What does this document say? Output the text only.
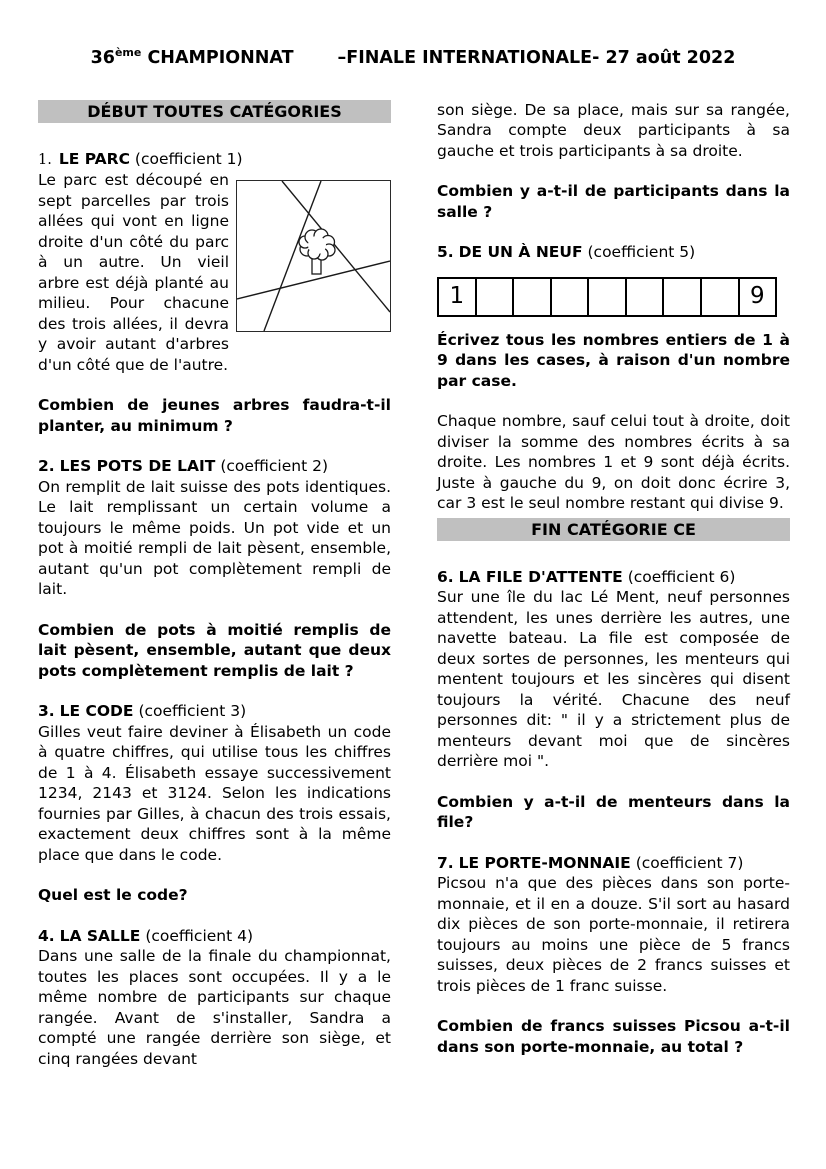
36ème CHAMPIONNAT	–FINALE INTERNATIONALE- 27 août 2022
DÉBUT TOUTES CATÉGORIES

1. LE PARC (coefficient 1)

Le parc est découpé en sept parcelles par trois allées qui vont en ligne droite d'un côté du parc à un autre. Un vieil arbre est déjà planté au milieu. Pour chacune des trois allées, il devra y avoir autant d'arbres d'un côté que de l'autre.

Combien de jeunes arbres faudra-t-il planter, au minimum ?

2. LES POTS DE LAIT (coefficient 2)

On remplit de lait suisse des pots identiques. Le lait remplissant un certain volume a toujours le même poids. Un pot vide et un pot à moitié rempli de lait pèsent, ensemble, autant qu'un pot complètement rempli de lait.

Combien de pots à moitié remplis de lait pèsent, ensemble, autant que deux pots complètement remplis de lait ?

3. LE CODE (coefficient 3)

Gilles veut faire deviner à Élisabeth un code à quatre chiffres, qui utilise tous les chiffres de 1 à 4. Élisabeth essaye successivement 1234, 2143 et 3124. Selon les indications fournies par Gilles, à chacun des trois essais, exactement deux chiffres sont à la même place que dans le code.

Quel est le code?

4. LA SALLE (coefficient 4)

Dans une salle de la finale du championnat, toutes les places sont occupées. Il y a le même nombre de participants sur chaque rangée. Avant de s'installer, Sandra a compté une rangée derrière son siège, et cinq rangées devant

son siège. De sa place, mais sur sa rangée, Sandra compte deux participants à sa gauche et trois participants à sa droite.

Combien y a-t-il de participants dans la salle ?

5. DE UN À NEUF (coefficient 5)

1	9

Écrivez tous les nombres entiers de 1 à 9 dans les cases, à raison d'un nombre par case.

Chaque nombre, sauf celui tout à droite, doit diviser la somme des nombres écrits à sa droite. Les nombres 1 et 9 sont déjà écrits. Juste à gauche du 9, on doit donc écrire 3, car 3 est le seul nombre restant qui divise 9.

FIN CATÉGORIE CE

6. LA FILE D'ATTENTE (coefficient 6)

Sur une île du lac Lé Ment, neuf personnes attendent, les unes derrière les autres, une navette bateau. La file est composée de deux sortes de personnes, les menteurs qui mentent toujours et les sincères qui disent toujours la vérité. Chacune des neuf personnes dit: " il y a strictement plus de menteurs devant moi que de sincères derrière moi ".

Combien y a-t-il de menteurs dans la file?

7. LE PORTE-MONNAIE (coefficient 7)

Picsou n'a que des pièces dans son porte-monnaie, et il en a douze. S'il sort au hasard dix pièces de son porte-monnaie, il retirera toujours au moins une pièce de 5 francs suisses, deux pièces de 2 francs suisses et trois pièces de 1 franc suisse.

Combien de francs suisses Picsou a-t-il dans son porte-monnaie, au total ?
